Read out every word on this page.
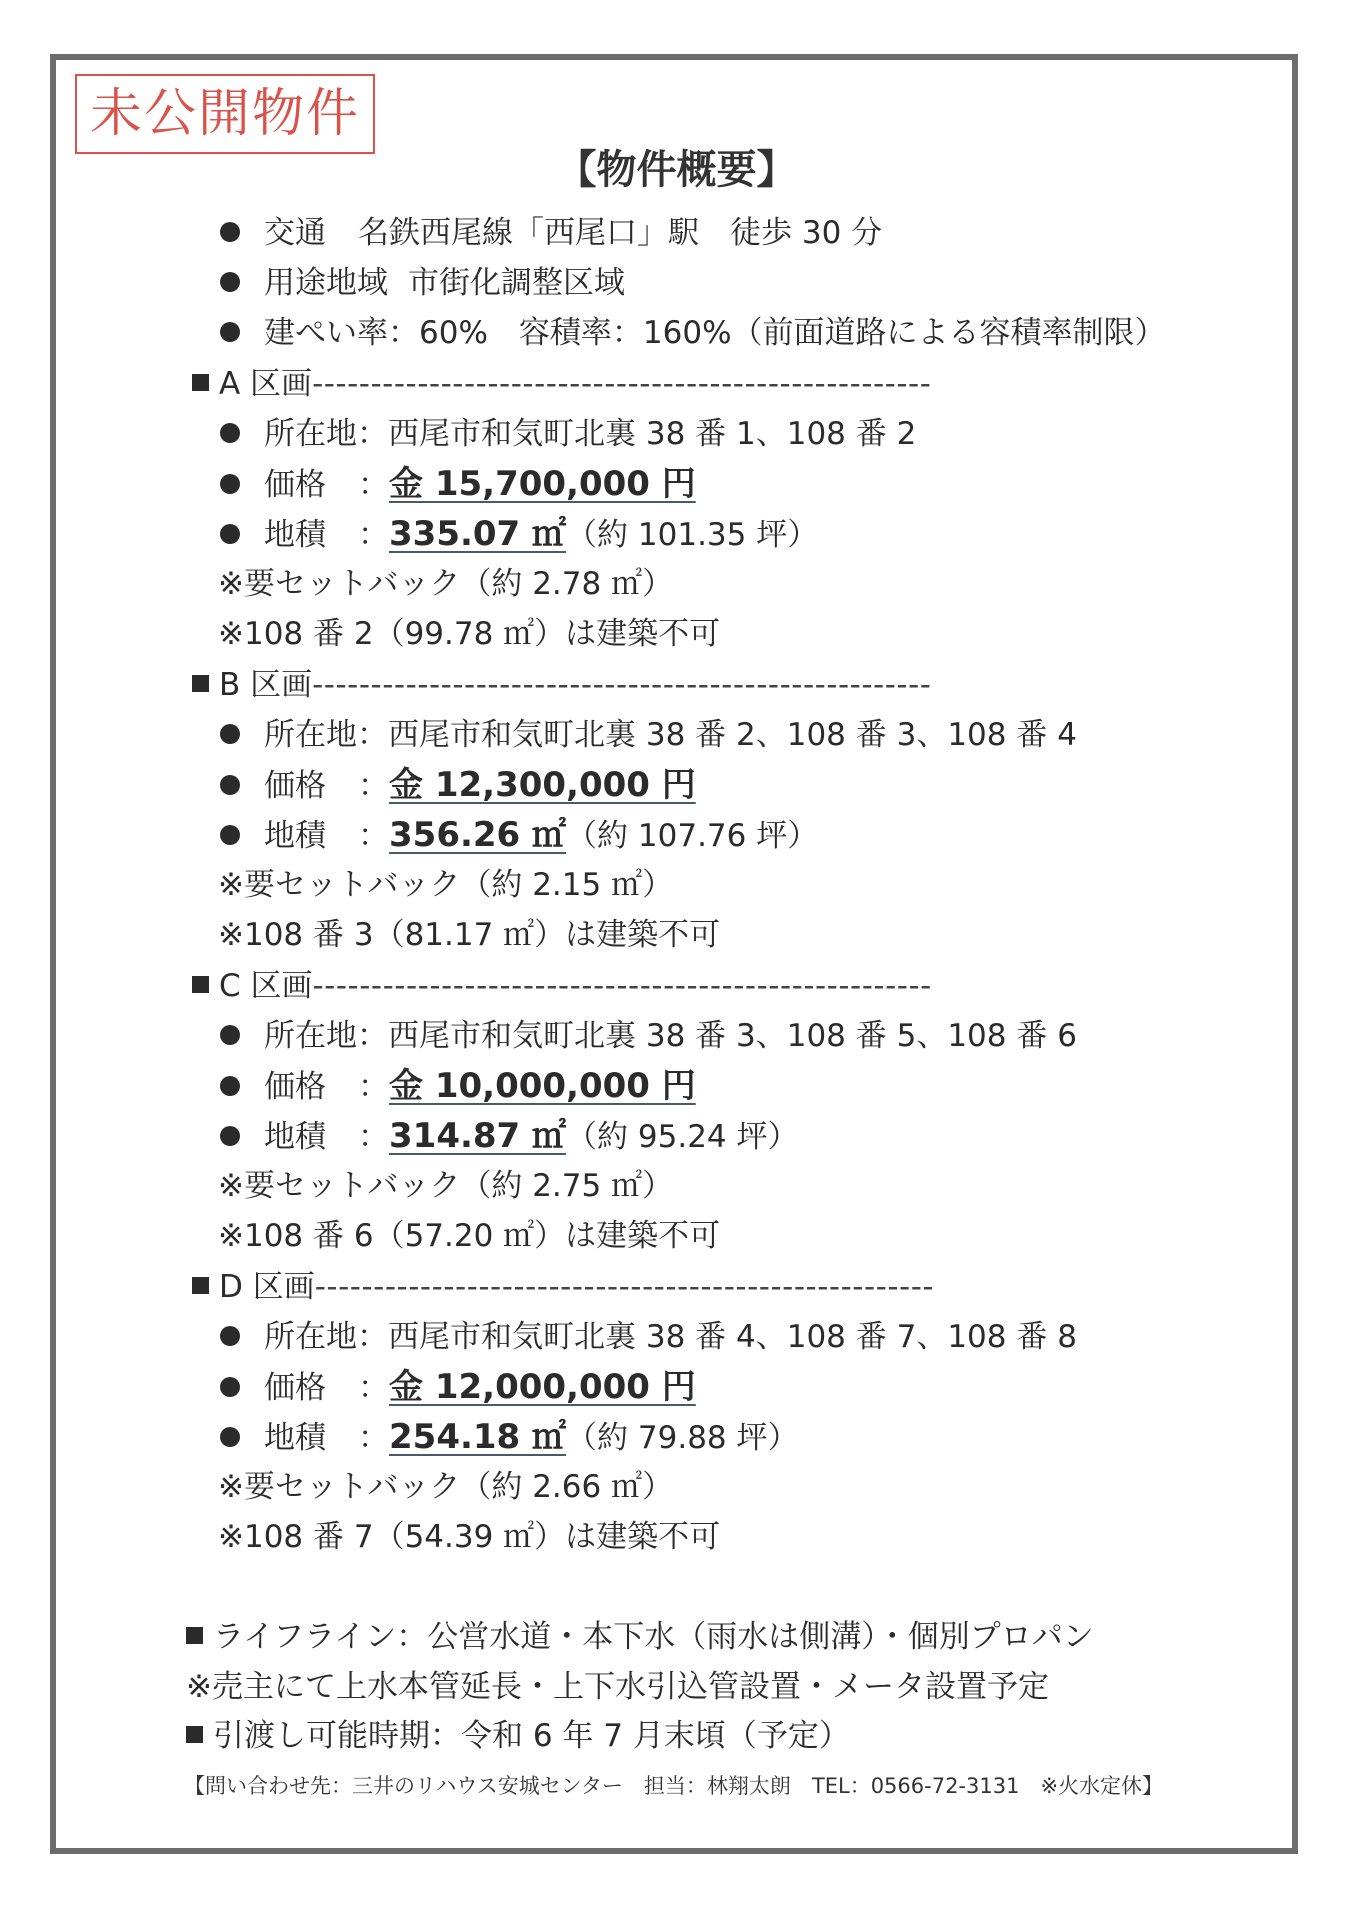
未公開物件
【物件概要】
交通 名鉄西尾線「西尾口」駅　徒歩 30 分
用途地域 市街化調整区域
建ぺい率：60%　容積率：160%（前面道路による容積率制限）
A 区画-----------------------------------------------------
所在地：西尾市和気町北裏 38 番 1、108 番 2
価格 ：金 15,700,000 円
地積 ：335.07 ㎡（約 101.35 坪）
※要セットバック（約 2.78 ㎡）
※108 番 2（99.78 ㎡）は建築不可
B 区画-----------------------------------------------------
所在地：西尾市和気町北裏 38 番 2、108 番 3、108 番 4
価格 ：金 12,300,000 円
地積 ：356.26 ㎡（約 107.76 坪）
※要セットバック（約 2.15 ㎡）
※108 番 3（81.17 ㎡）は建築不可
C 区画-----------------------------------------------------
所在地：西尾市和気町北裏 38 番 3、108 番 5、108 番 6
価格 ：金 10,000,000 円
地積 ：314.87 ㎡（約 95.24 坪）
※要セットバック（約 2.75 ㎡）
※108 番 6（57.20 ㎡）は建築不可
D 区画-----------------------------------------------------
所在地：西尾市和気町北裏 38 番 4、108 番 7、108 番 8
価格 ：金 12,000,000 円
地積 ：254.18 ㎡（約 79.88 坪）
※要セットバック（約 2.66 ㎡）
※108 番 7（54.39 ㎡）は建築不可
ライフライン：公営水道・本下水（雨水は側溝）・個別プロパン
※売主にて上水本管延長・上下水引込管設置・メータ設置予定
引渡し可能時期：令和 6 年 7 月末頃（予定）
【問い合わせ先：三井のリハウス安城センター　担当：林翔太朗　TEL：0566-72-3131　※火水定休】
